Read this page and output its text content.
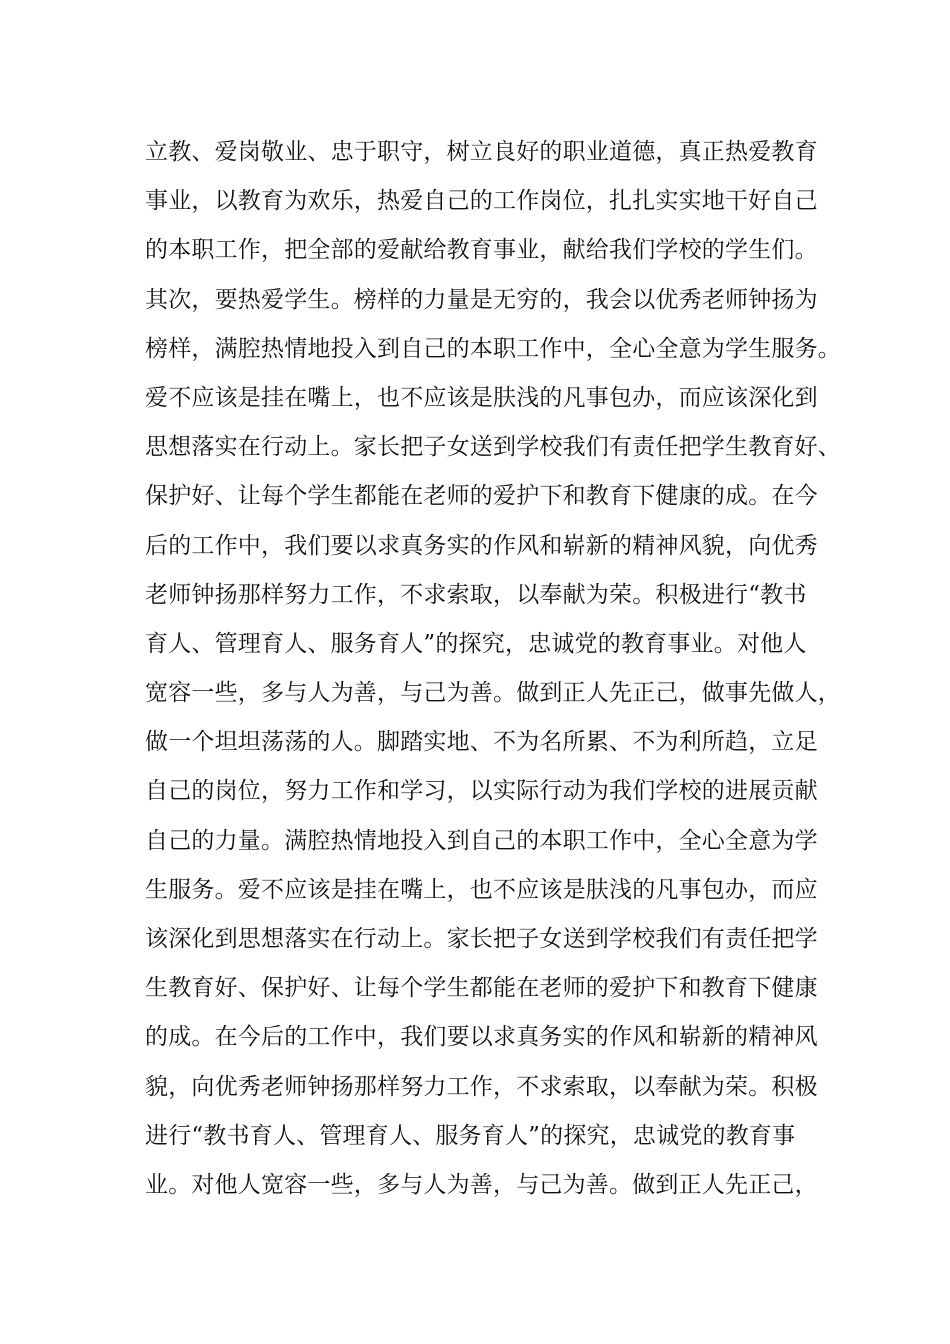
立教、爱岗敬业、忠于职守，树立良好的职业道德，真正热爱教育
事业，以教育为欢乐，热爱自己的工作岗位，扎扎实实地干好自己
的本职工作，把全部的爱献给教育事业，献给我们学校的学生们。
其次，要热爱学生。榜样的力量是无穷的，我会以优秀老师钟扬为
榜样，满腔热情地投入到自己的本职工作中，全心全意为学生服务。
爱不应该是挂在嘴上，也不应该是肤浅的凡事包办，而应该深化到
思想落实在行动上。家长把子女送到学校我们有责任把学生教育好、
保护好、让每个学生都能在老师的爱护下和教育下健康的成。在今
后的工作中，我们要以求真务实的作风和崭新的精神风貌，向优秀
老师钟扬那样努力工作，不求索取，以奉献为荣。积极进行“教书
育人、管理育人、服务育人”的探究，忠诚党的教育事业。对他人
宽容一些，多与人为善，与己为善。做到正人先正己，做事先做人，
做一个坦坦荡荡的人。脚踏实地、不为名所累、不为利所趋，立足
自己的岗位，努力工作和学习，以实际行动为我们学校的进展贡献
自己的力量。满腔热情地投入到自己的本职工作中，全心全意为学
生服务。爱不应该是挂在嘴上，也不应该是肤浅的凡事包办，而应
该深化到思想落实在行动上。家长把子女送到学校我们有责任把学
生教育好、保护好、让每个学生都能在老师的爱护下和教育下健康
的成。在今后的工作中，我们要以求真务实的作风和崭新的精神风
貌，向优秀老师钟扬那样努力工作，不求索取，以奉献为荣。积极
进行“教书育人、管理育人、服务育人”的探究，忠诚党的教育事
业。对他人宽容一些，多与人为善，与己为善。做到正人先正己，
